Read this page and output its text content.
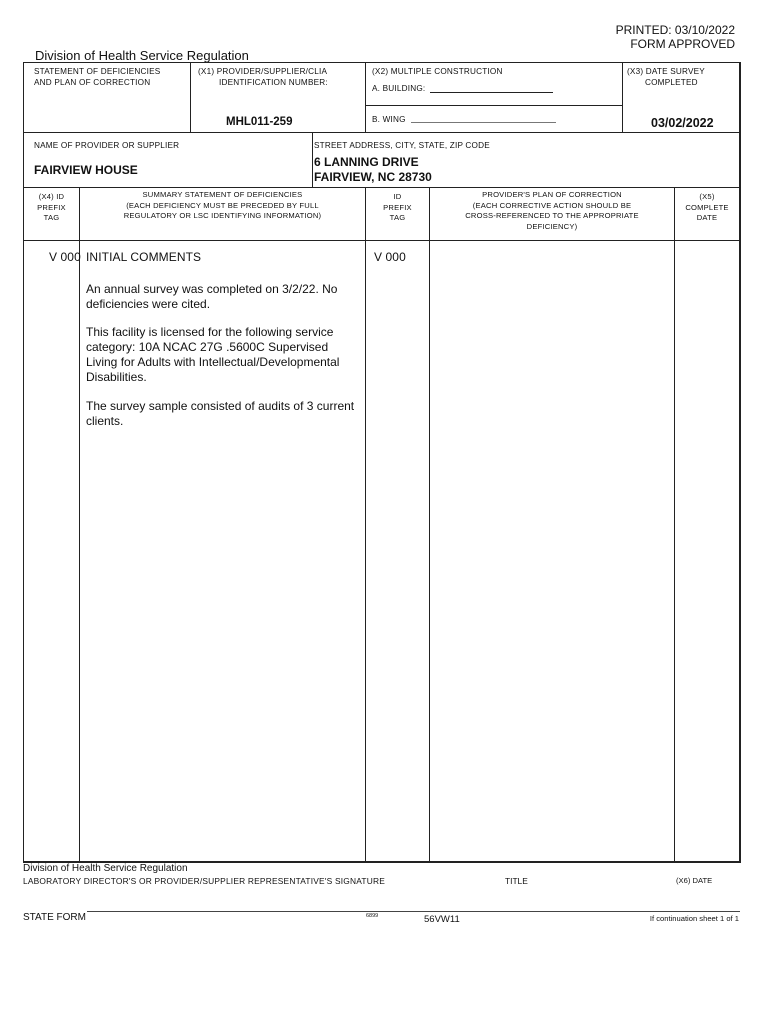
PRINTED: 03/10/2022
FORM APPROVED
Division of Health Service Regulation
STATEMENT OF DEFICIENCIES
AND PLAN OF CORRECTION
(X1) PROVIDER/SUPPLIER/CLIA
IDENTIFICATION NUMBER:
MHL011-259
(X2) MULTIPLE CONSTRUCTION
A. BUILDING:
B. WING
(X3) DATE SURVEY
COMPLETED
03/02/2022
NAME OF PROVIDER OR SUPPLIER
FAIRVIEW HOUSE
STREET ADDRESS, CITY, STATE, ZIP CODE
6 LANNING DRIVE
FAIRVIEW, NC 28730
(X4) ID
PREFIX
TAG
SUMMARY STATEMENT OF DEFICIENCIES
(EACH DEFICIENCY MUST BE PRECEDED BY FULL
REGULATORY OR LSC IDENTIFYING INFORMATION)
ID
PREFIX
TAG
PROVIDER'S PLAN OF CORRECTION
(EACH CORRECTIVE ACTION SHOULD BE
CROSS-REFERENCED TO THE APPROPRIATE
DEFICIENCY)
(X5)
COMPLETE
DATE
V 000 INITIAL COMMENTS	V 000
An annual survey was completed on 3/2/22. No deficiencies were cited.
This facility is licensed for the following service category: 10A NCAC 27G .5600C Supervised Living for Adults with Intellectual/Developmental Disabilities.
The survey sample consisted of audits of 3 current clients.
Division of Health Service Regulation
LABORATORY DIRECTOR'S OR PROVIDER/SUPPLIER REPRESENTATIVE'S SIGNATURE	TITLE	(X6) DATE
STATE FORM	6899	56VW11	If continuation sheet 1 of 1
